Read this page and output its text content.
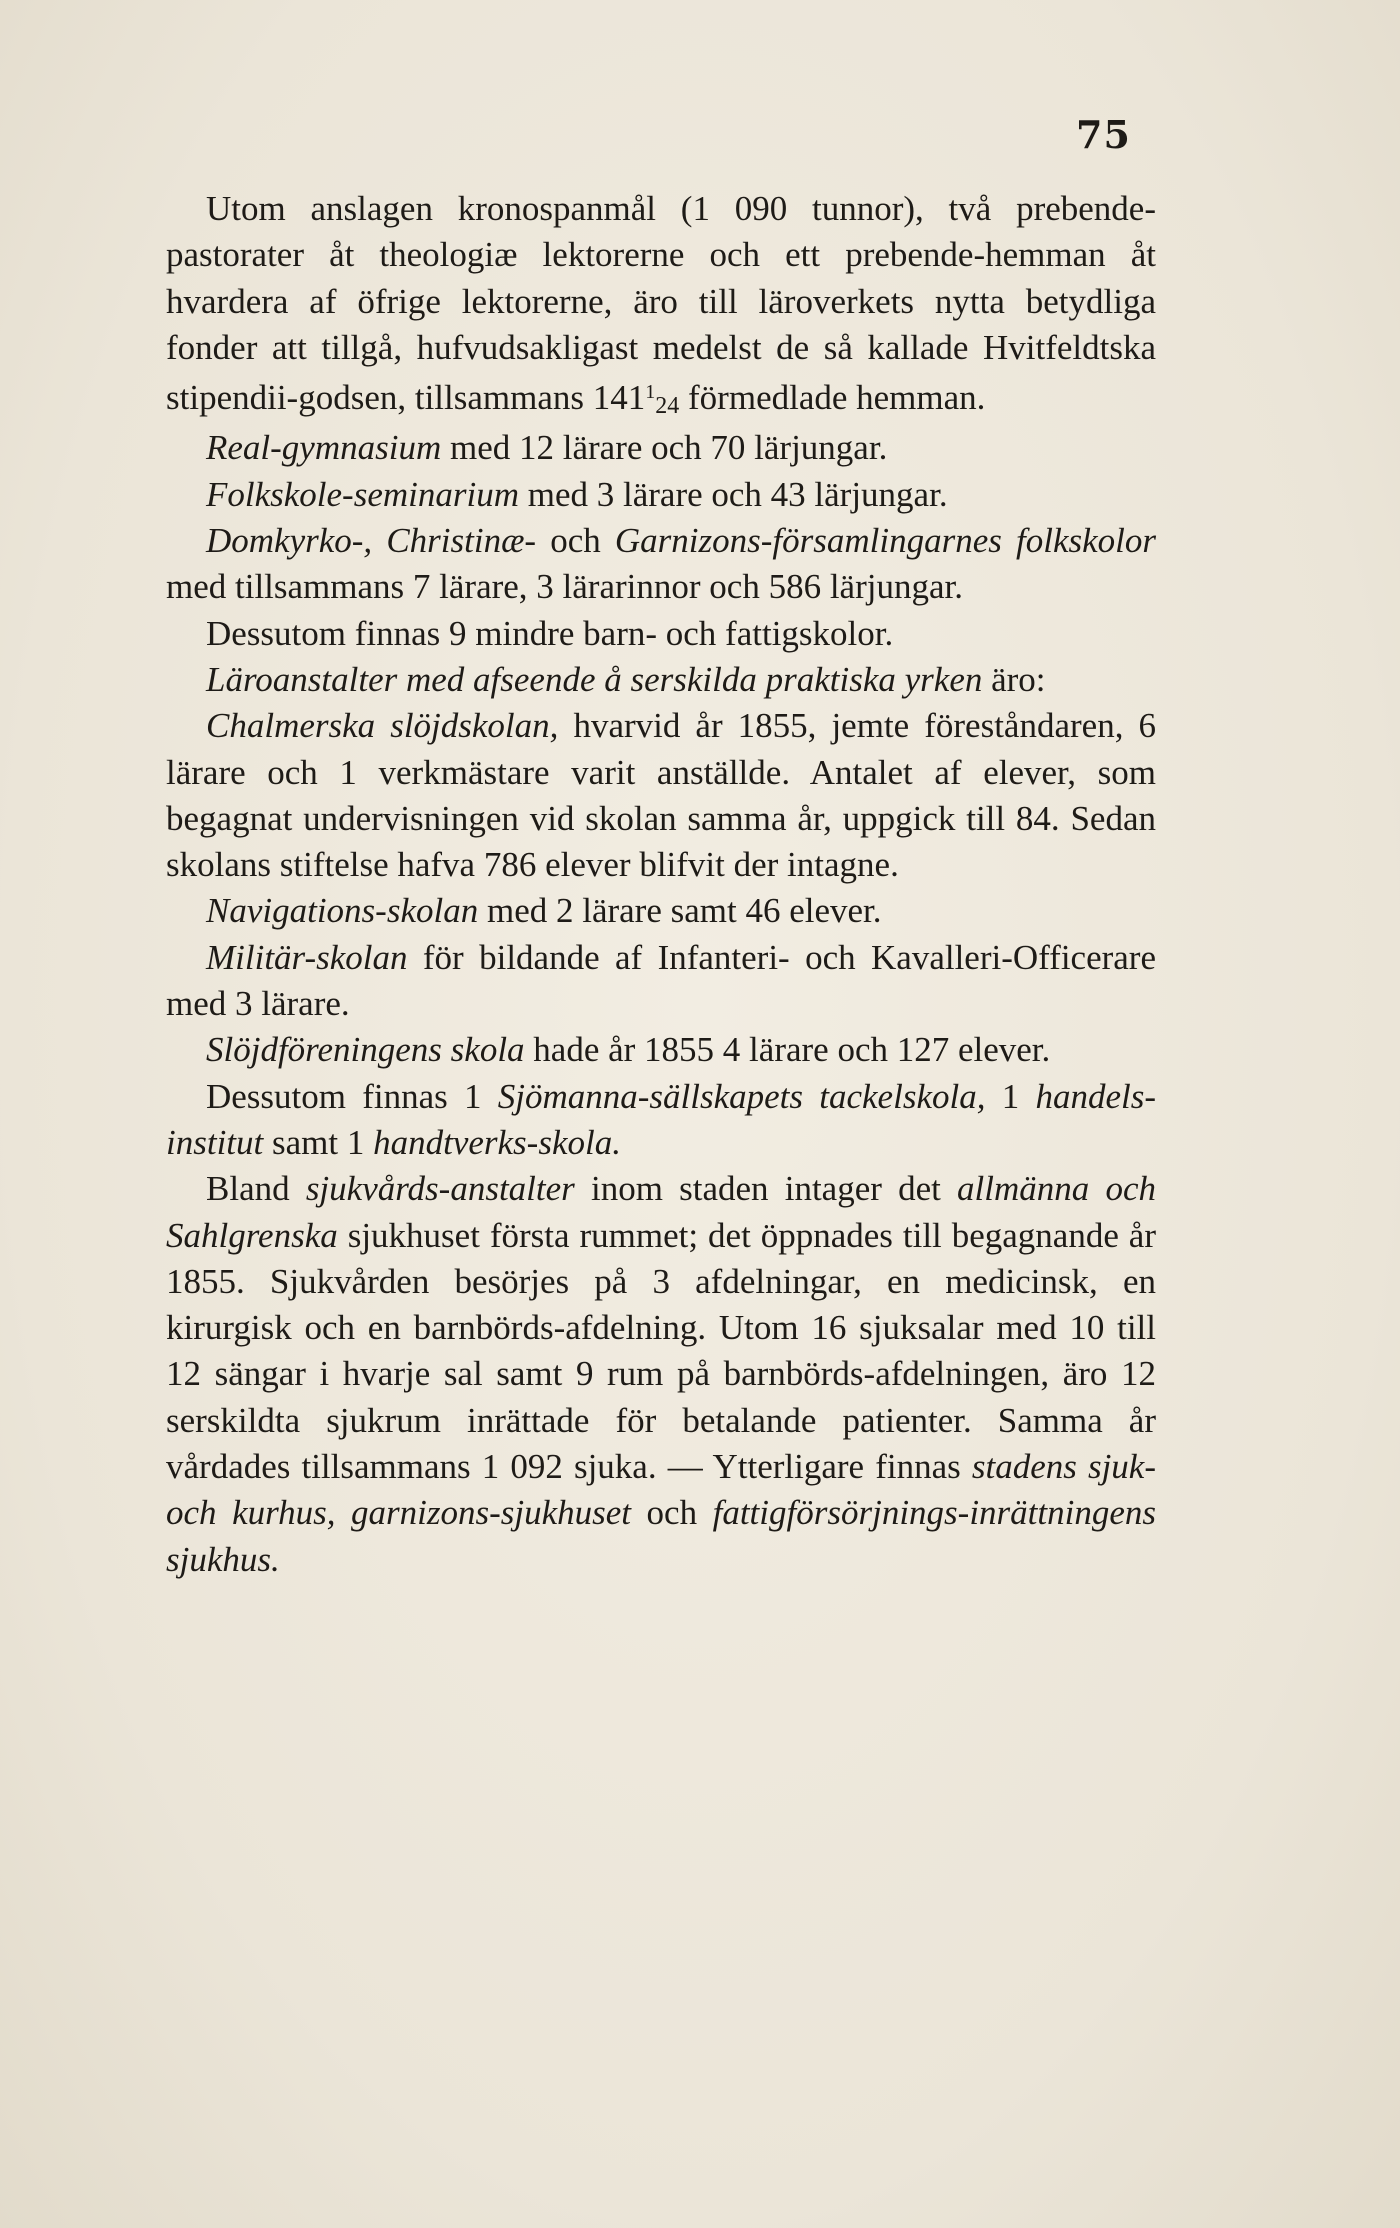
75

Utom anslagen kronospanmål (1 090 tunnor), två prebende-pastorater åt theologiæ lektorerne och ett prebende-hemman åt hvardera af öfrige lektorerne, äro till läroverkets nytta betydliga fonder att tillgå, hufvudsakligast medelst de så kallade Hvitfeldtska stipendii-godsen, tillsammans $141^124$ förmedlade hemman.

Real-gymnasium med 12 lärare och 70 lärjungar.

Folkskole-seminarium med 3 lärare och 43 lärjungar.

Domkyrko-, Christinæ- och Garnizons-församlingarnes folkskolor med tillsammans 7 lärare, 3 lärarinnor och 586 lärjungar.

Dessutom finnas 9 mindre barn- och fattigskolor.

Läroanstalter med afseende å serskilda praktiska yrken äro:

Chalmerska slöjdskolan, hvarvid år 1855, jemte föreståndaren, 6 lärare och 1 verkmästare varit anställde. Antalet af elever, som begagnat undervisningen vid skolan samma år, uppgick till 84. Sedan skolans stiftelse hafva 786 elever blifvit der intagne.

Navigations-skolan med 2 lärare samt 46 elever.

Militär-skolan för bildande af Infanteri- och Kavalleri-Officerare med 3 lärare.

Slöjdföreningens skola hade år 1855 4 lärare och 127 elever.

Dessutom finnas 1 Sjömanna-sällskapets tackelskola, 1 handels-institut samt 1 handtverks-skola.

Bland sjukvårds-anstalter inom staden intager det allmänna och Sahlgrenska sjukhuset första rummet; det öppnades till begagnande år 1855. Sjukvården besörjes på 3 afdelningar, en medicinsk, en kirurgisk och en barnbörds-afdelning. Utom 16 sjuksalar med 10 till 12 sängar i hvarje sal samt 9 rum på barnbörds-afdelningen, äro 12 serskildta sjukrum inrättade för betalande patienter. Samma år vårdades tillsammans 1 092 sjuka. — Ytterligare finnas stadens sjuk- och kurhus, garnizons-sjukhuset och fattigförsörjnings-inrättningens sjukhus.
